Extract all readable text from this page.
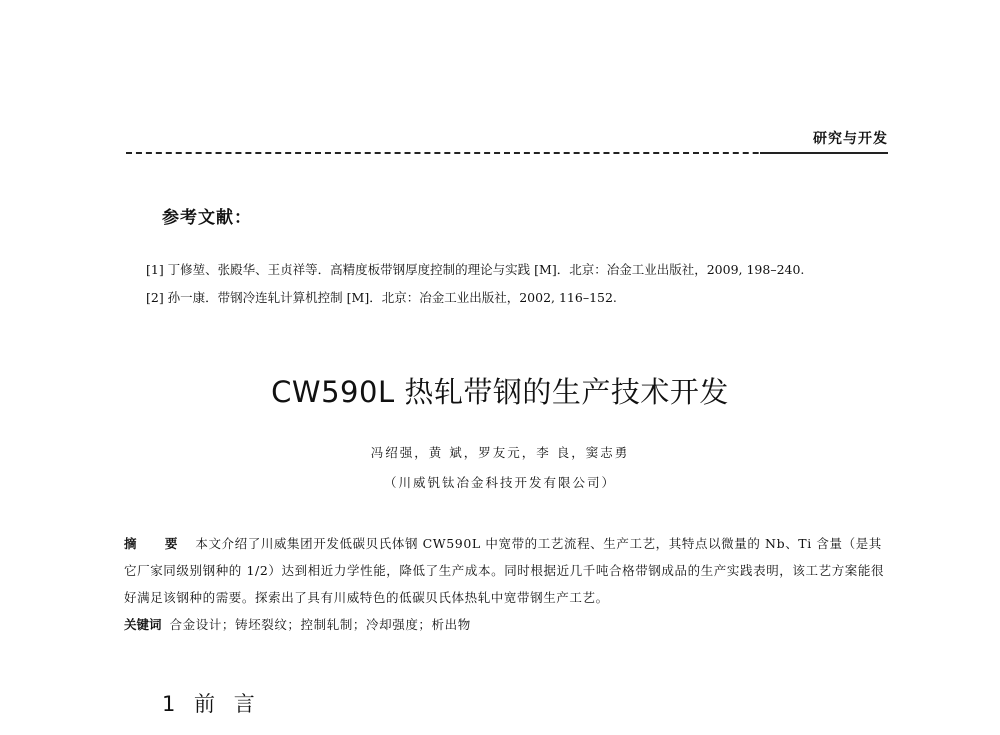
研究与开发
参考文献：
[1] 丁修堃、张殿华、王贞祥等．高精度板带钢厚度控制的理论与实践 [M]．北京：冶金工业出版社，2009, 198–240.
[2] 孙一康．带钢冷连轧计算机控制 [M]．北京：冶金工业出版社，2002, 116–152.
CW590L 热轧带钢的生产技术开发
冯绍强，黄 斌，罗友元，李 良，窦志勇
（川威钒钛冶金科技开发有限公司）
摘 要 本文介绍了川威集团开发低碳贝氏体钢 CW590L 中宽带的工艺流程、生产工艺，其特点以微量的 Nb、Ti 含量（是其它厂家同级别钢种的 1/2）达到相近力学性能，降低了生产成本。同时根据近几千吨合格带钢成品的生产实践表明，该工艺方案能很好满足该钢种的需要。探索出了具有川威特色的低碳贝氏体热轧中宽带钢生产工艺。
关键词 合金设计；铸坯裂纹；控制轧制；冷却强度；析出物
1 前 言
